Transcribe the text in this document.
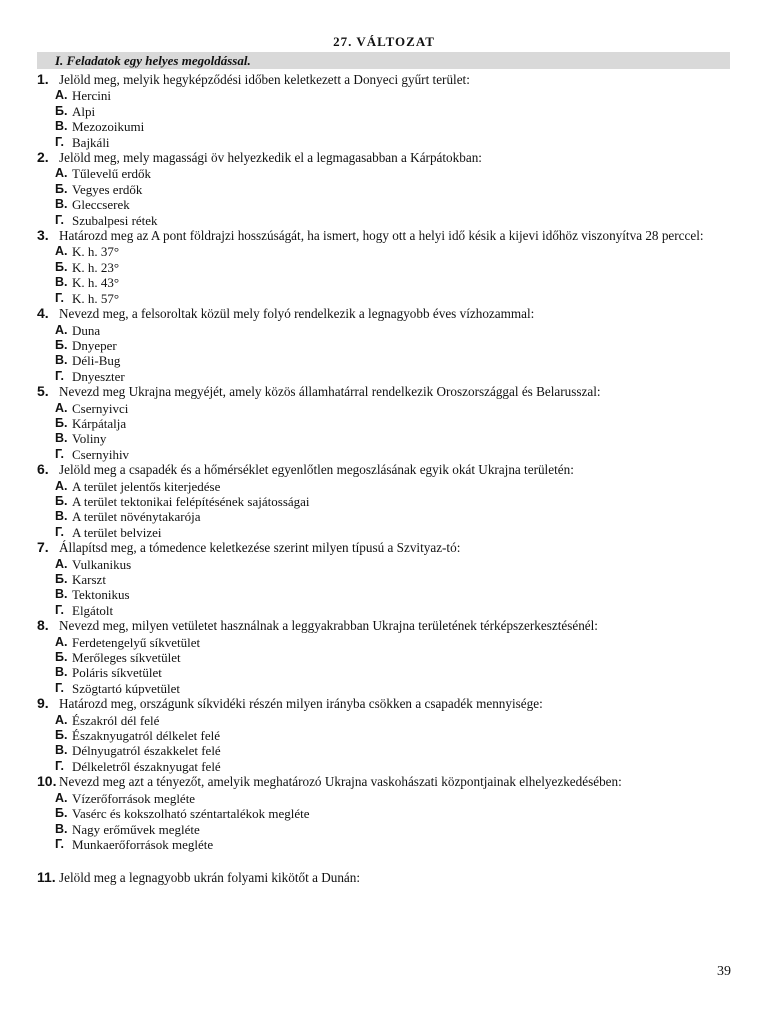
27. VÁLTOZAT
I. Feladatok egy helyes megoldással.
1. Jelöld meg, melyik hegyképződési időben keletkezett a Donyeci gyűrt terület:
А. Hercini
Б. Alpi
В. Mezozoikumi
Г. Bajkáli
2. Jelöld meg, mely magassági öv helyezkedik el a legmagasabban a Kárpátokban:
А. Tűlevelű erdők
Б. Vegyes erdők
В. Gleccserek
Г. Szubalpesi rétek
3. Határozd meg az A pont földrajzi hosszúságát, ha ismert, hogy ott a helyi idő késik a kijevi időhöz viszonyítva 28 perccel:
А. K. h. 37°
Б. K. h. 23°
В. K. h. 43°
Г. K. h. 57°
4. Nevezd meg, a felsoroltak közül mely folyó rendelkezik a legnagyobb éves vízhozammal:
А. Duna
Б. Dnyeper
В. Déli-Bug
Г. Dnyeszter
5. Nevezd meg Ukrajna megyéjét, amely közös államhatárral rendelkezik Oroszországgal és Belarusszal:
А. Csernyivci
Б. Kárpátalja
В. Voliny
Г. Csernyihiv
6. Jelöld meg a csapadék és a hőmérséklet egyenlőtlen megoszlásának egyik okát Ukrajna területén:
А. A terület jelentős kiterjedése
Б. A terület tektonikai felépítésének sajátosságai
В. A terület növénytakarója
Г. A terület belvizei
7. Állapítsd meg, a tómedence keletkezése szerint milyen típusú a Szvityaz-tó:
А. Vulkanikus
Б. Karszt
В. Tektonikus
Г. Elgátolt
8. Nevezd meg, milyen vetületet használnak a leggyakrabban Ukrajna területének térképszerkesztésénél:
А. Ferdetengelyű síkvetület
Б. Merőleges síkvetület
В. Poláris síkvetület
Г. Szögtartó kúpvetület
9. Határozd meg, országunk síkvidéki részén milyen irányba csökken a csapadék mennyisége:
А. Északról dél felé
Б. Északnyugatról délkelet felé
В. Délnyugatról északkelet felé
Г. Délkeletről északnyugat felé
10. Nevezd meg azt a tényezőt, amelyik meghatározó Ukrajna vaskohászati központjainak elhelyezkedésében:
А. Vízerőforrások megléte
Б. Vasérc és kokszolható széntartalékok megléte
В. Nagy erőművek megléte
Г. Munkaerőforrások megléte
11. Jelöld meg a legnagyobb ukrán folyami kikötőt a Dunán:
39
